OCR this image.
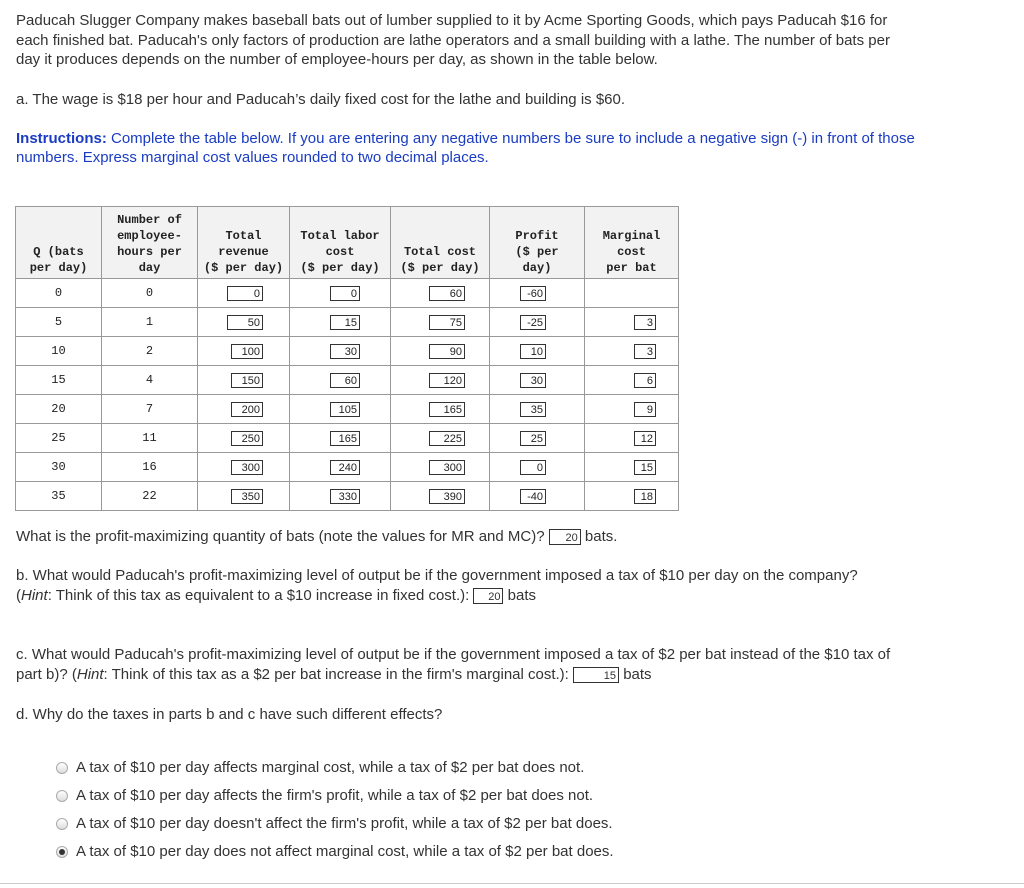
Paducah Slugger Company makes baseball bats out of lumber supplied to it by Acme Sporting Goods, which pays Paducah $16 for

each finished bat. Paducah's only factors of production are lathe operators and a small building with a lathe. The number of bats per

day it produces depends on the number of employee-hours per day, as shown in the table below.

a. The wage is $18 per hour and Paducah’s daily fixed cost for the lathe and building is $60.

Instructions: Complete the table below. If you are entering any negative numbers be sure to include a negative sign (-) in front of those

numbers. Express marginal cost values rounded to two decimal places.

Q (bats
per day)	Number of
employee-
hours per
day	Total
revenue
($ per day)	Total labor
cost
($ per day)	Total cost
($ per day)	Profit
($ per
day)	Marginal
cost
per bat
0	0	0	0	60	-60	
5	1	50	15	75	-25	3
10	2	100	30	90	10	3
15	4	150	60	120	30	6
20	7	200	105	165	35	9
25	11	250	165	225	25	12
30	16	300	240	300	0	15
35	22	350	330	390	-40	18

What is the profit-maximizing quantity of bats (note the values for MR and MC)? 20 bats.

b. What would Paducah's profit-maximizing level of output be if the government imposed a tax of $10 per day on the company?

(Hint: Think of this tax as equivalent to a $10 increase in fixed cost.): 20 bats

c. What would Paducah's profit-maximizing level of output be if the government imposed a tax of $2 per bat instead of the $10 tax of

part b)? (Hint: Think of this tax as a $2 per bat increase in the firm's marginal cost.):	15 bats

d. Why do the taxes in parts b and c have such different effects?

A tax of $10 per day affects marginal cost, while a tax of $2 per bat does not.
A tax of $10 per day affects the firm's profit, while a tax of $2 per bat does not.
A tax of $10 per day doesn't affect the firm's profit, while a tax of $2 per bat does.
A tax of $10 per day does not affect marginal cost, while a tax of $2 per bat does.
